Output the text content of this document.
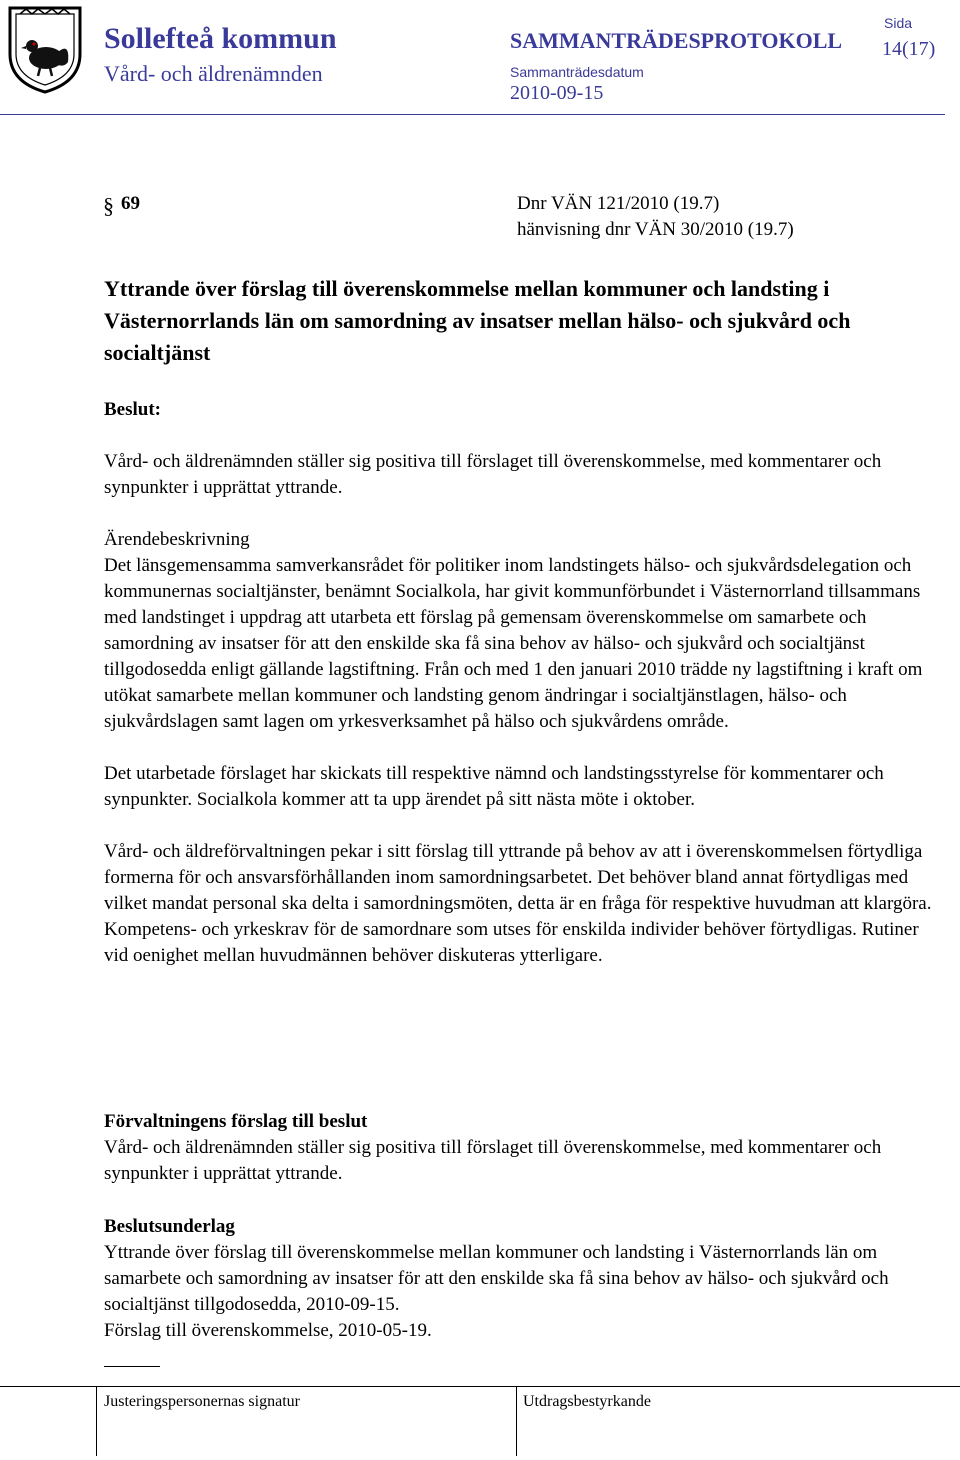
Sollefteå kommun
Vård- och äldrenämnden
SAMMANTRÄDESPROTOKOLL
Sammanträdesdatum
2010-09-15
Sida
14(17)
§ 69	Dnr VÄN 121/2010 (19.7)
hänvisning dnr VÄN 30/2010 (19.7)
Yttrande över förslag till överenskommelse mellan kommuner och landsting i Västernorrlands län om samordning av insatser mellan hälso- och sjukvård och socialtjänst

Beslut:

Vård- och äldrenämnden ställer sig positiva till förslaget till överenskommelse, med kommentarer och synpunkter i upprättat yttrande.

Ärendebeskrivning

Det länsgemensamma samverkansrådet för politiker inom landstingets hälso- och sjukvårdsdelegation och kommunernas socialtjänster, benämnt Socialkola, har givit kommunförbundet i Västernorrland tillsammans med landstinget i uppdrag att utarbeta ett förslag på gemensam överenskommelse om samarbete och samordning av insatser för att den enskilde ska få sina behov av hälso- och sjukvård och socialtjänst tillgodosedda enligt gällande lagstiftning. Från och med 1 den januari 2010 trädde ny lagstiftning i kraft om utökat samarbete mellan kommuner och landsting genom ändringar i socialtjänstlagen, hälso- och sjukvårdslagen samt lagen om yrkesverksamhet på hälso och sjukvårdens område.

Det utarbetade förslaget har skickats till respektive nämnd och landstingsstyrelse för kommentarer och synpunkter. Socialkola kommer att ta upp ärendet på sitt nästa möte i oktober.

Vård- och äldreförvaltningen pekar i sitt förslag till yttrande på behov av att i överenskommelsen förtydliga formerna för och ansvarsförhållanden inom samordningsarbetet. Det behöver bland annat förtydligas med vilket mandat personal ska delta i samordningsmöten, detta är en fråga för respektive huvudman att klargöra. Kompetens- och yrkeskrav för de samordnare som utses för enskilda individer behöver förtydligas. Rutiner vid oenighet mellan huvudmännen behöver diskuteras ytterligare.

Förvaltningens förslag till beslut

Vård- och äldrenämnden ställer sig positiva till förslaget till överenskommelse, med kommentarer och synpunkter i upprättat yttrande.

Beslutsunderlag

Yttrande över förslag till överenskommelse mellan kommuner och landsting i Västernorrlands län om samarbete och samordning av insatser för att den enskilde ska få sina behov av hälso- och sjukvård och socialtjänst tillgodosedda, 2010-09-15.

Förslag till överenskommelse, 2010-05-19.

Justeringspersonernas signatur	Utdragsbestyrkande
